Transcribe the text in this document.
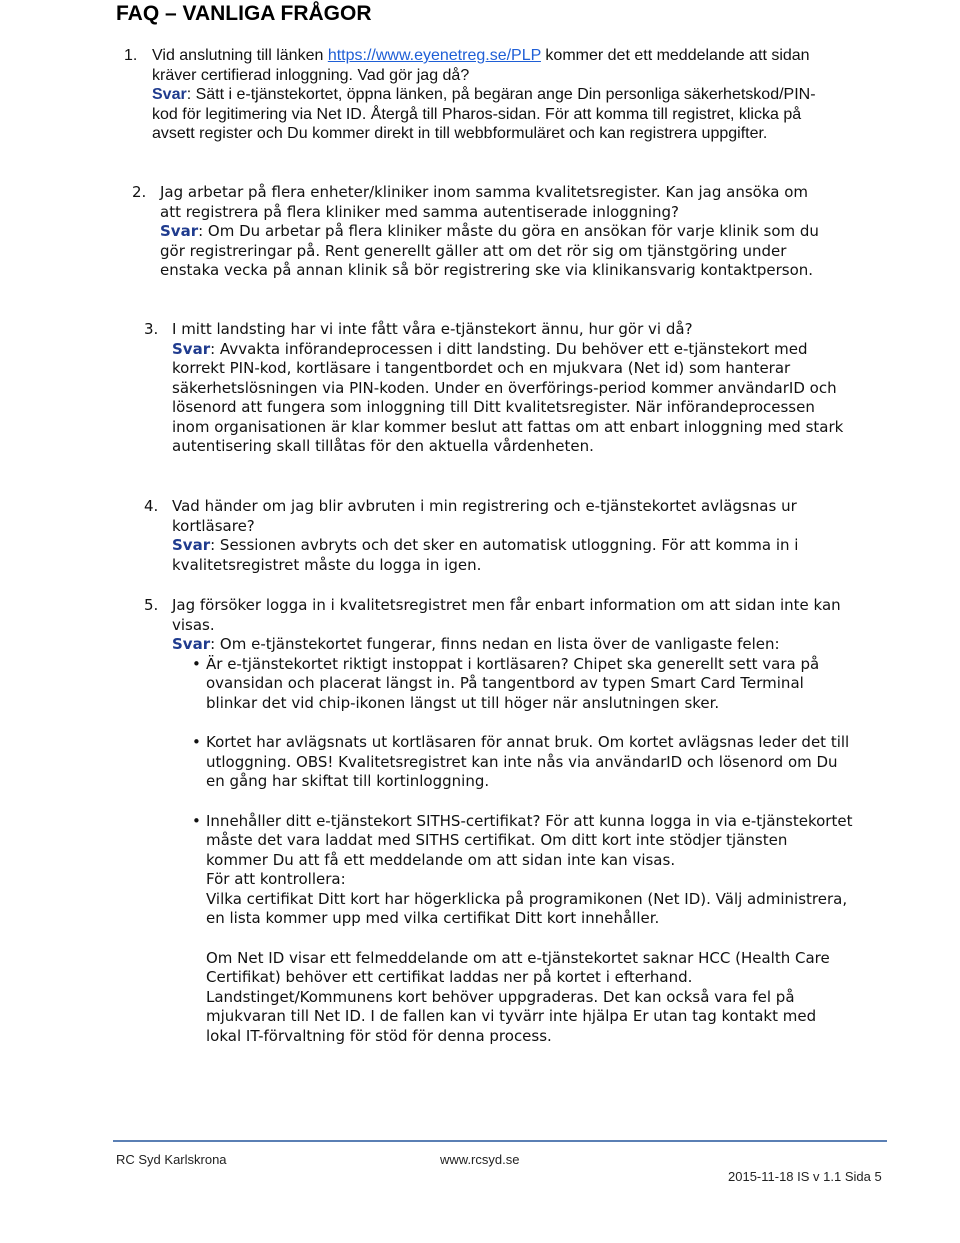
FAQ – VANLIGA FRÅGOR
1. Vid anslutning till länken https://www.eyenetreg.se/PLP kommer det ett meddelande att sidan kräver certifierad inloggning. Vad gör jag då?
Svar: Sätt i e-tjänstekortet, öppna länken, på begäran ange Din personliga säkerhetskod/PIN-kod för legitimering via Net ID. Återgå till Pharos-sidan. För att komma till registret, klicka på avsett register och Du kommer direkt in till webbformuläret och kan registrera uppgifter.
2. Jag arbetar på flera enheter/kliniker inom samma kvalitetsregister. Kan jag ansöka om att registrera på flera kliniker med samma autentiserade inloggning?
Svar: Om Du arbetar på flera kliniker måste du göra en ansökan för varje klinik som du gör registreringar på. Rent generellt gäller att om det rör sig om tjänstgöring under enstaka vecka på annan klinik så bör registrering ske via klinikansvarig kontaktperson.
3. I mitt landsting har vi inte fått våra e-tjänstekort ännu, hur gör vi då?
Svar: Avvakta införandeprocessen i ditt landsting. Du behöver ett e-tjänstekort med korrekt PIN-kod, kortläsare i tangentbordet och en mjukvara (Net id) som hanterar säkerhetslösningen via PIN-koden. Under en överförings-period kommer användarID och lösenord att fungera som inloggning till Ditt kvalitetsregister. När införandeprocessen inom organisationen är klar kommer beslut att fattas om att enbart inloggning med stark autentisering skall tillåtas för den aktuella vårdenheten.
4. Vad händer om jag blir avbruten i min registrering och e-tjänstekortet avlägsnas ur kortläsare?
Svar: Sessionen avbryts och det sker en automatisk utloggning. För att komma in i kvalitetsregistret måste du logga in igen.
5. Jag försöker logga in i kvalitetsregistret men får enbart information om att sidan inte kan visas.
Svar: Om e-tjänstekortet fungerar, finns nedan en lista över de vanligaste felen:
• Är e-tjänstekortet riktigt instoppat i kortläsaren? Chipet ska generellt sett vara på ovansidan och placerat längst in. På tangentbord av typen Smart Card Terminal blinkar det vid chip-ikonen längst ut till höger när anslutningen sker.
• Kortet har avlägsnats ut kortläsaren för annat bruk. Om kortet avlägsnas leder det till utloggning. OBS! Kvalitetsregistret kan inte nås via användarID och lösenord om Du en gång har skiftat till kortinloggning.
• Innehåller ditt e-tjänstekort SITHS-certifikat? För att kunna logga in via e-tjänstekortet måste det vara laddat med SITHS certifikat. Om ditt kort inte stödjer tjänsten kommer Du att få ett meddelande om att sidan inte kan visas.
För att kontrollera:
Vilka certifikat Ditt kort har högerklicka på programikonen (Net ID). Välj administrera, en lista kommer upp med vilka certifikat Ditt kort innehåller.
Om Net ID visar ett felmeddelande om att e-tjänstekortet saknar HCC (Health Care Certifikat) behöver ett certifikat laddas ner på kortet i efterhand. Landstinget/Kommunens kort behöver uppgraderas. Det kan också vara fel på mjukvaran till Net ID. I de fallen kan vi tyvärr inte hjälpa Er utan tag kontakt med lokal IT-förvaltning för stöd för denna process.
RC Syd Karlskrona	www.rcsyd.se
2015-11-18 IS v 1.1 Sida 5
